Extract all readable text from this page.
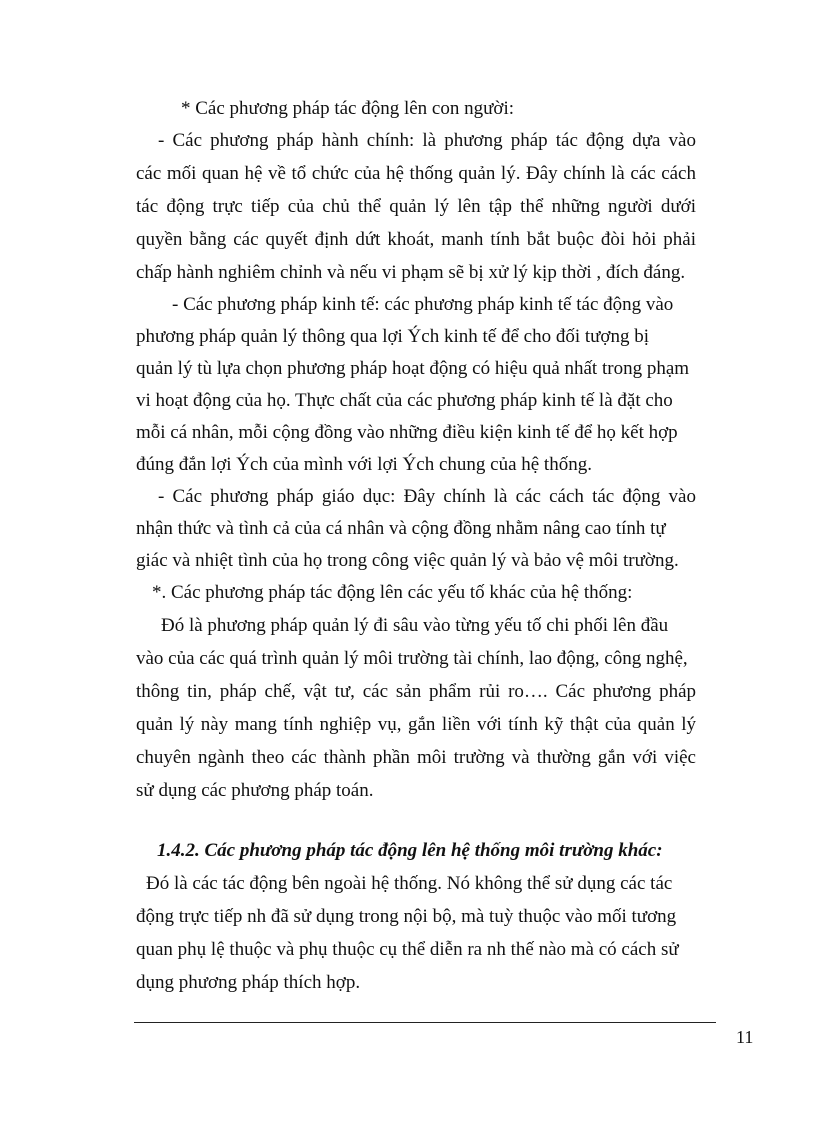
* Các phương pháp tác động lên con người:
- Các phương pháp hành chính: là phương pháp tác động dựa vào
các mối quan hệ về tổ chức của hệ thống quản lý. Đây chính là các cách
tác động trực tiếp của chủ thể quản lý lên tập thể những người dưới
quyền bằng các quyết định dứt khoát, manh tính bắt buộc đòi hỏi phải
chấp hành nghiêm chỉnh và nếu vi phạm sẽ bị xử lý kịp thời , đích đáng.
- Các phương pháp kinh tế: các phương pháp kinh tế tác động vào
phương pháp quản lý thông qua lợi Ých kinh tế để cho đối tượng bị
quản lý tù lựa chọn phương pháp hoạt động có hiệu quả nhất trong phạm
vi hoạt động của họ. Thực chất của các phương pháp kinh tế là đặt cho
mỗi cá nhân, mỗi cộng đồng vào những điều kiện kinh tế để họ kết hợp
đúng đắn lợi Ých của mình với lợi Ých chung của hệ thống.
- Các phương pháp giáo dục: Đây chính là các cách tác động vào
nhận thức và tình cả của cá nhân và cộng đồng nhằm nâng cao tính tự
giác và nhiệt tình của họ trong công việc quản lý và bảo vệ môi trường.
*. Các phương pháp tác động lên các yếu tố khác của hệ thống:
Đó là phương pháp quản lý đi sâu vào từng yếu tố chi phối lên đầu
vào của các quá trình quản lý môi trường tài chính, lao động, công nghệ,
thông tin, pháp chế, vật tư, các sản phẩm rủi ro…. Các phương pháp
quản lý này mang tính nghiệp vụ, gắn liền với tính kỹ thật của quản lý
chuyên ngành theo các thành phần môi trường và thường gắn với việc
sử dụng các phương pháp toán.
1.4.2. Các phương pháp tác động lên hệ thống môi trường khác:
Đó là các tác động bên ngoài hệ thống. Nó không thể sử dụng các tác
động trực tiếp nh đã sử dụng trong nội bộ, mà tuỳ thuộc vào mối tương
quan phụ lệ thuộc và phụ thuộc cụ thể diễn ra nh thế nào mà có cách sử
dụng phương pháp thích hợp.
11
